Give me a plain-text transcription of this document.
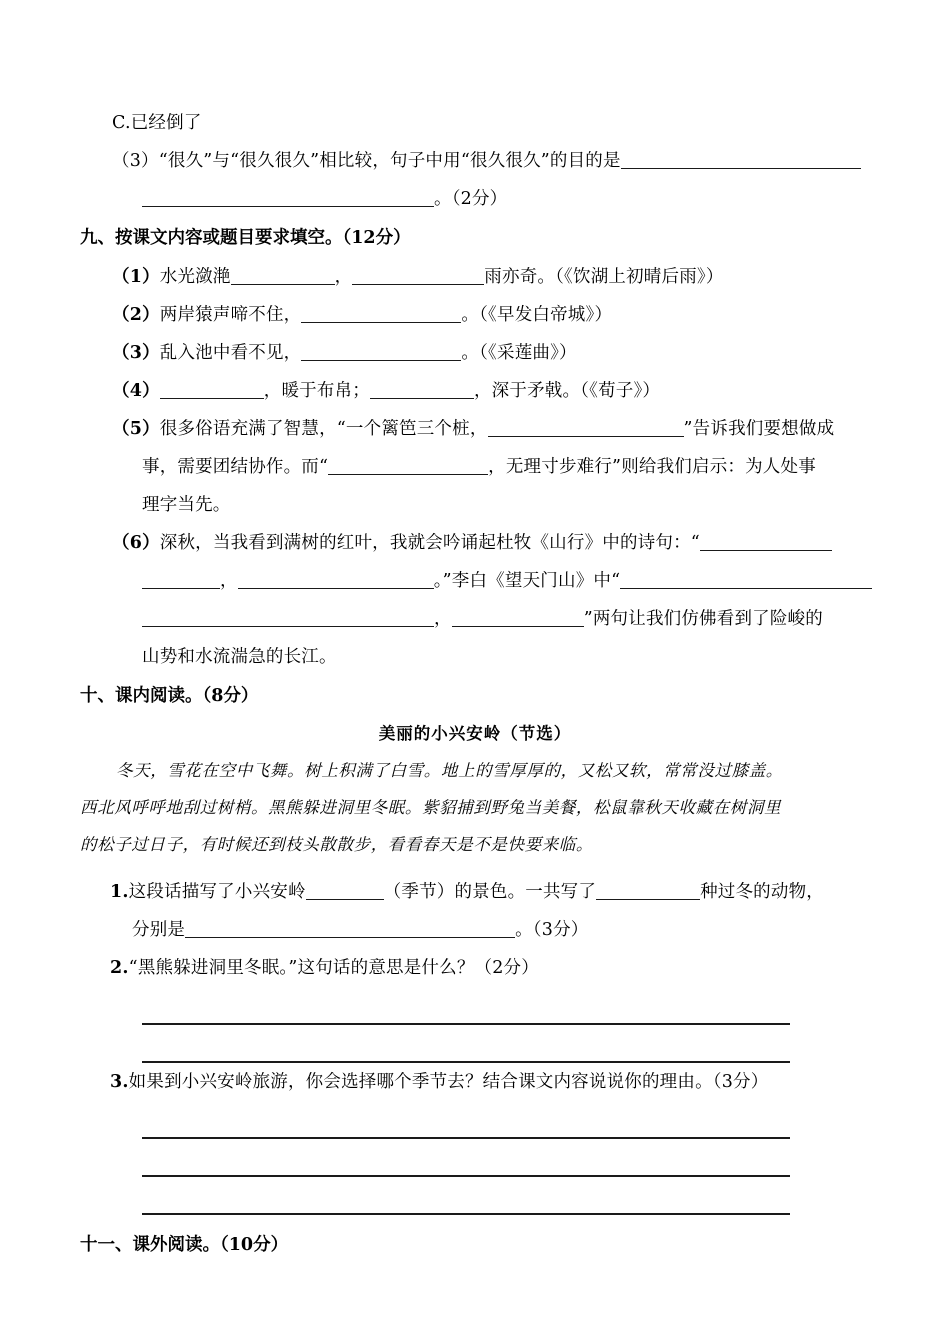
C.已经倒了
（3）“很久”与“很久很久”相比较，句子中用“很久很久”的目的是
。（2分）
九、按课文内容或题目要求填空。（12分）
（1）水光潋滟	，	雨亦奇。（《饮湖上初晴后雨》）
（2）两岸猿声啼不住，	。（《早发白帝城》）
（3）乱入池中看不见，	。（《采莲曲》）
（4）	，暖于布帛；	，深于矛戟。（《荀子》）
（5）很多俗语充满了智慧，“一个篱笆三个桩，	”告诉我们要想做成
事，需要团结协作。而“	，无理寸步难行”则给我们启示：为人处事
理字当先。
（6）深秋，当我看到满树的红叶，我就会吟诵起杜牧《山行》中的诗句：“
，	。”李白《望天门山》中“
，	”两句让我们仿佛看到了险峻的
山势和水流湍急的长江。
十、课内阅读。（8分）
美丽的小兴安岭（节选）
冬天，雪花在空中飞舞。树上积满了白雪。地上的雪厚厚的，又松又软，常常没过膝盖。
西北风呼呼地刮过树梢。黑熊躲进洞里冬眠。紫貂捕到野兔当美餐，松鼠靠秋天收藏在树洞里
的松子过日子，有时候还到枝头散散步，看看春天是不是快要来临。
1.这段话描写了小兴安岭	（季节）的景色。一共写了	种过冬的动物，
分别是	。（3分）
2.“黑熊躲进洞里冬眠。”这句话的意思是什么？（2分）
3.如果到小兴安岭旅游，你会选择哪个季节去？结合课文内容说说你的理由。（3分）
十一、课外阅读。（10分）
